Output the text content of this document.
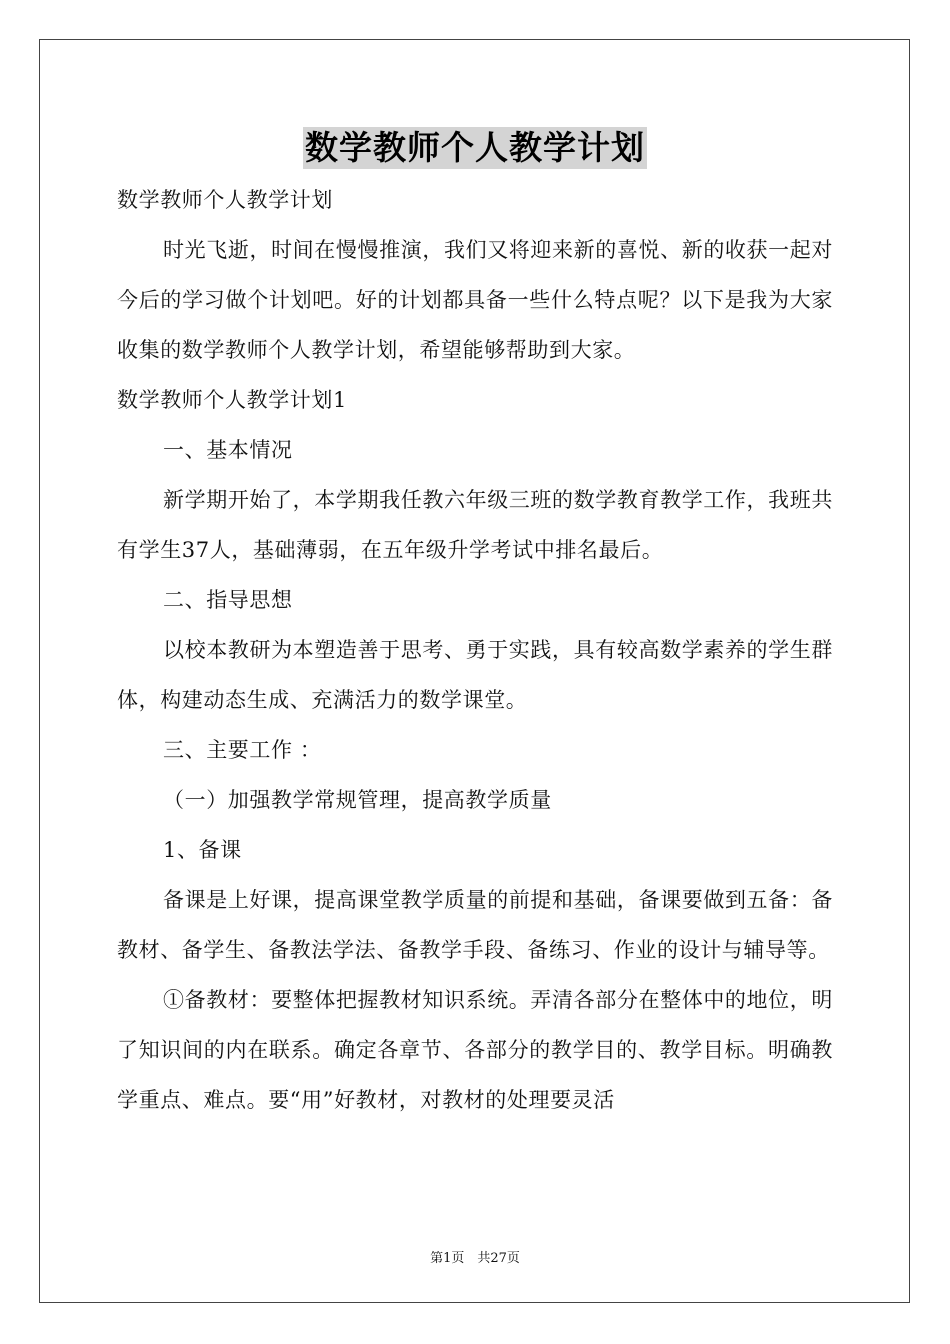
数学教师个人教学计划

数学教师个人教学计划

时光飞逝，时间在慢慢推演，我们又将迎来新的喜悦、新的收获一起对今后的学习做个计划吧。好的计划都具备一些什么特点呢？以下是我为大家收集的数学教师个人教学计划，希望能够帮助到大家。

数学教师个人教学计划1

一、基本情况

新学期开始了，本学期我任教六年级三班的数学教育教学工作，我班共有学生37人，基础薄弱，在五年级升学考试中排名最后。

二、指导思想

以校本教研为本塑造善于思考、勇于实践，具有较高数学素养的学生群体，构建动态生成、充满活力的数学课堂。

三、主要工作 ：

（一）加强教学常规管理，提高教学质量

1、备课

备课是上好课，提高课堂教学质量的前提和基础，备课要做到五备：备教材、备学生、备教法学法、备教学手段、备练习、作业的设计与辅导等。

①备教材：要整体把握教材知识系统。弄清各部分在整体中的地位，明了知识间的内在联系。确定各章节、各部分的教学目的、教学目标。明确教学重点、难点。要“用”好教材，对教材的处理要灵活

第1页　共27页
